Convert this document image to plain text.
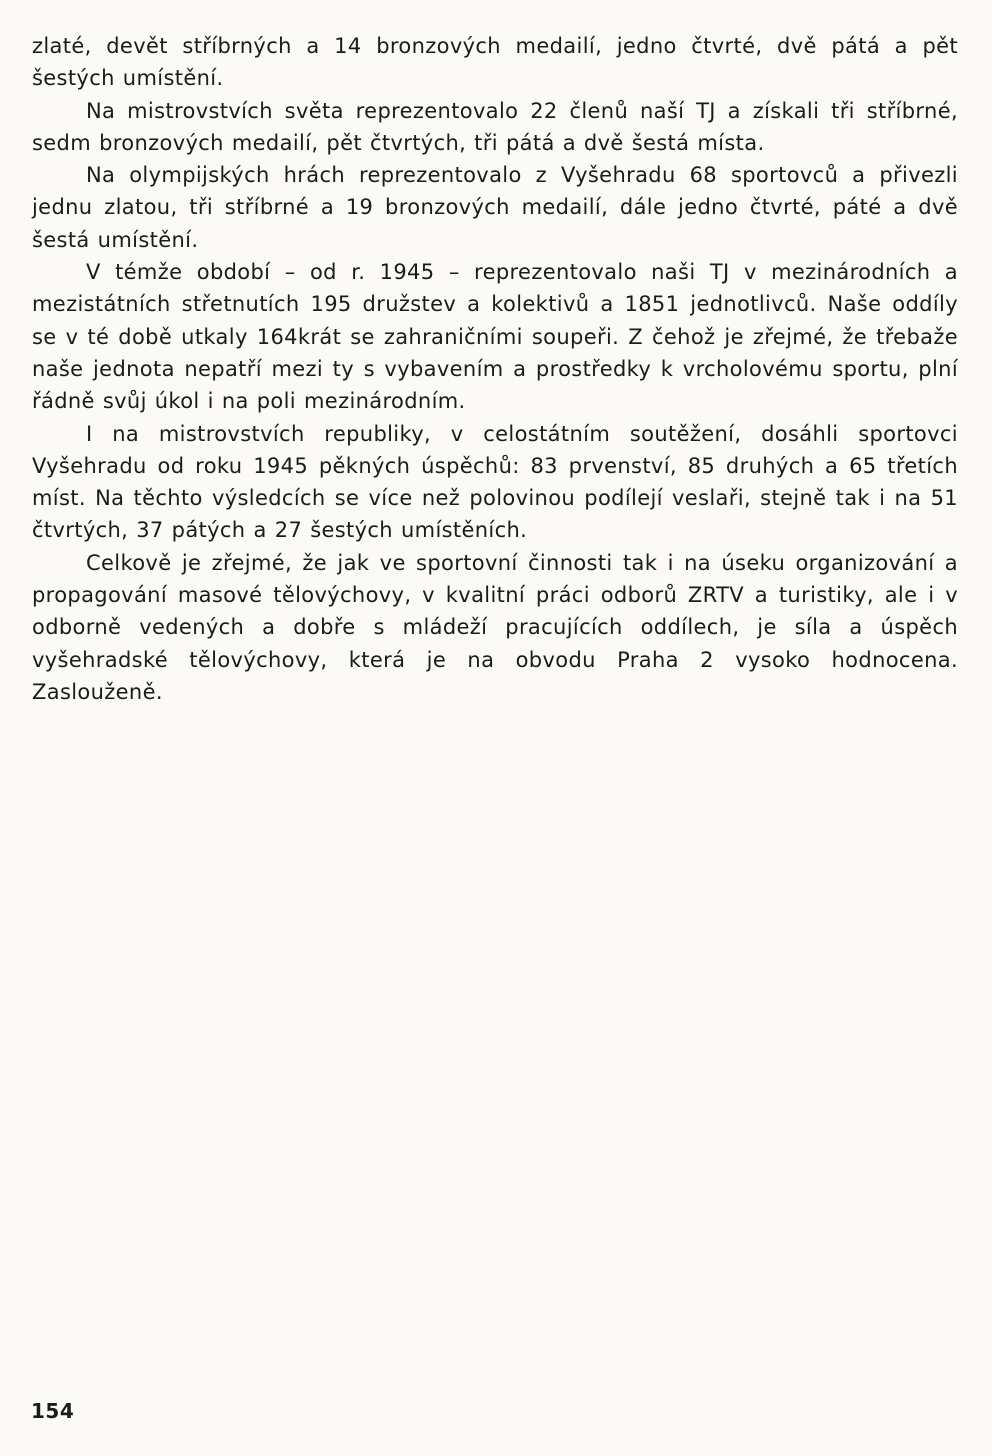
zlaté, devět stříbrných a 14 bronzových medailí, jedno čtvrté, dvě pátá a pět šestých umístění.

Na mistrovstvích světa reprezentovalo 22 členů naší TJ a získali tři stříbrné, sedm bronzových medailí, pět čtvrtých, tři pátá a dvě šestá místa.

Na olympijských hrách reprezentovalo z Vyšehradu 68 sportovců a přivezli jednu zlatou, tři stříbrné a 19 bronzových medailí, dále jedno čtvrté, páté a dvě šestá umístění.

V témže období – od r. 1945 – reprezentovalo naši TJ v mezinárodních a mezistátních střetnutích 195 družstev a kolektivů a 1851 jednotlivců. Naše oddíly se v té době utkaly 164krát se zahraničními soupeři. Z čehož je zřejmé, že třebaže naše jednota nepatří mezi ty s vybavením a prostředky k vrcholovému sportu, plní řádně svůj úkol i na poli mezinárodním.

I na mistrovstvích republiky, v celostátním soutěžení, dosáhli sportovci Vyšehradu od roku 1945 pěkných úspěchů: 83 prvenství, 85 druhých a 65 třetích míst. Na těchto výsledcích se více než polovinou podílejí veslaři, stejně tak i na 51 čtvrtých, 37 pátých a 27 šestých umístěních.

Celkově je zřejmé, že jak ve sportovní činnosti tak i na úseku organizování a propagování masové tělovýchovy, v kvalitní práci odborů ZRTV a turistiky, ale i v odborně vedených a dobře s mládeží pracujících oddílech, je síla a úspěch vyšehradské tělovýchovy, která je na obvodu Praha 2 vysoko hodnocena. Zaslouženě.

154
